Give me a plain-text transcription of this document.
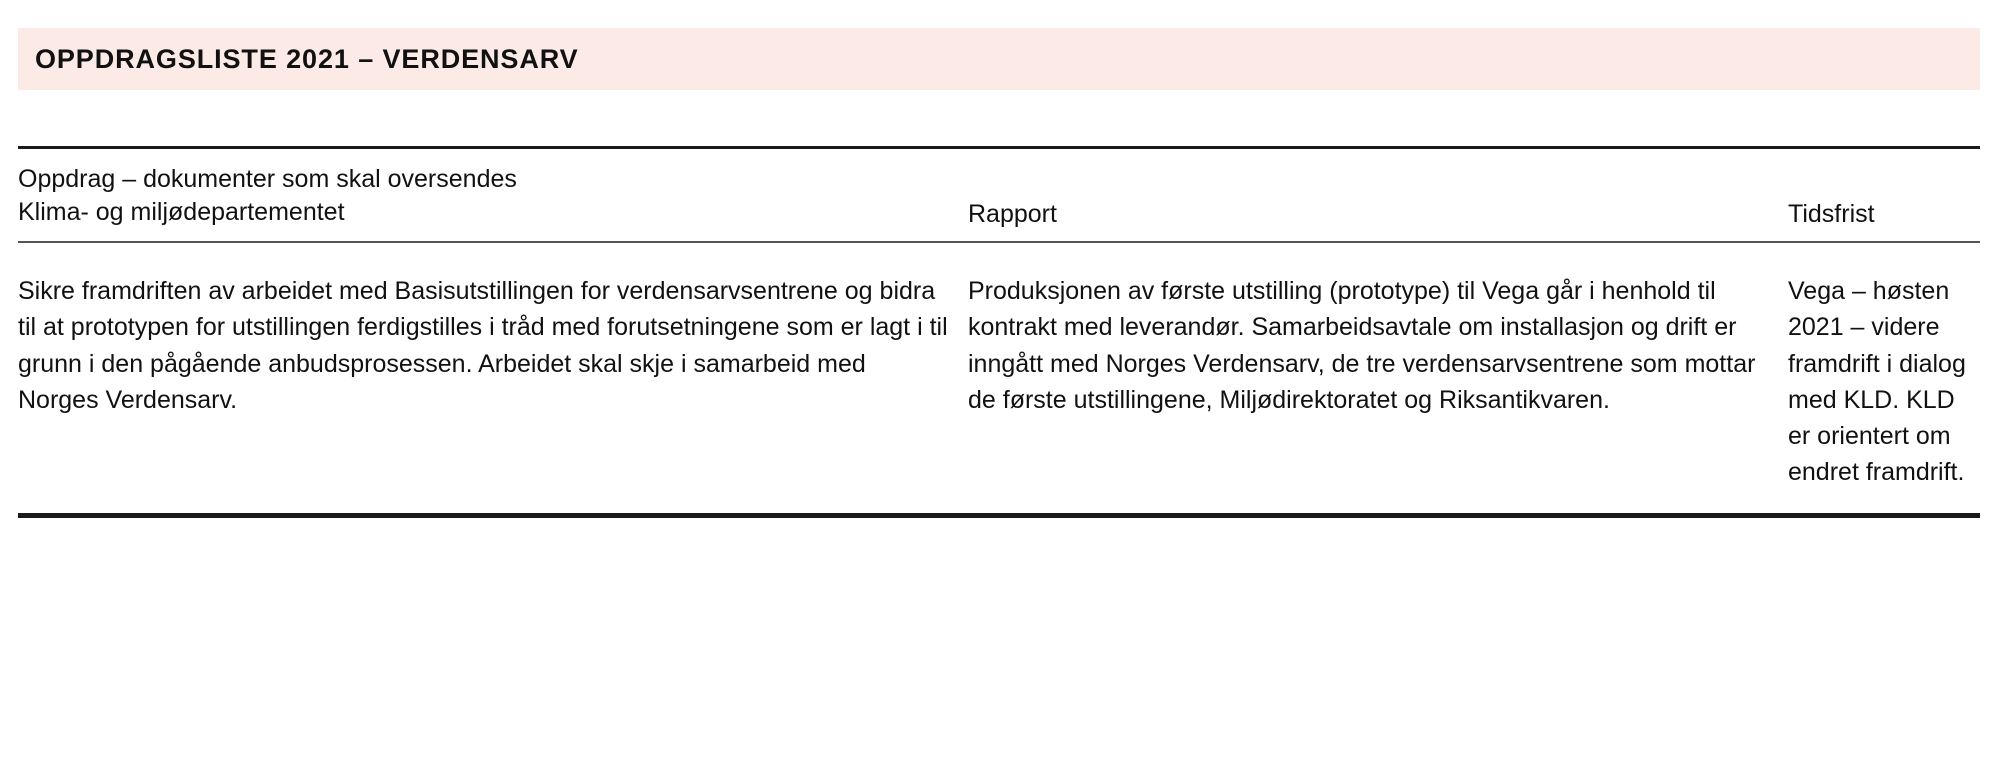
OPPDRAGSLISTE 2021 – VERDENSARV
Oppdrag – dokumenter som skal oversendes
Klima- og miljødepartementet	Rapport	Tidsfrist

Sikre framdriften av arbeidet med Basisutstillingen for verdensarvsentrene og bidra til at prototypen for utstillingen ferdigstilles i tråd med forutsetningene som er lagt i til grunn i den pågående anbudsprosessen. Arbeidet skal skje i samarbeid med Norges Verdensarv.

Produksjonen av første utstilling (prototype) til Vega går i henhold til kontrakt med leverandør. Samarbeidsavtale om installasjon og drift er inngått med Norges Verdensarv, de tre verdensarvsentrene som mottar de første utstillingene, Miljødirektoratet og Riksantikvaren.

Vega – høsten 2021 – videre framdrift i dialog med KLD. KLD er orientert om endret framdrift.
